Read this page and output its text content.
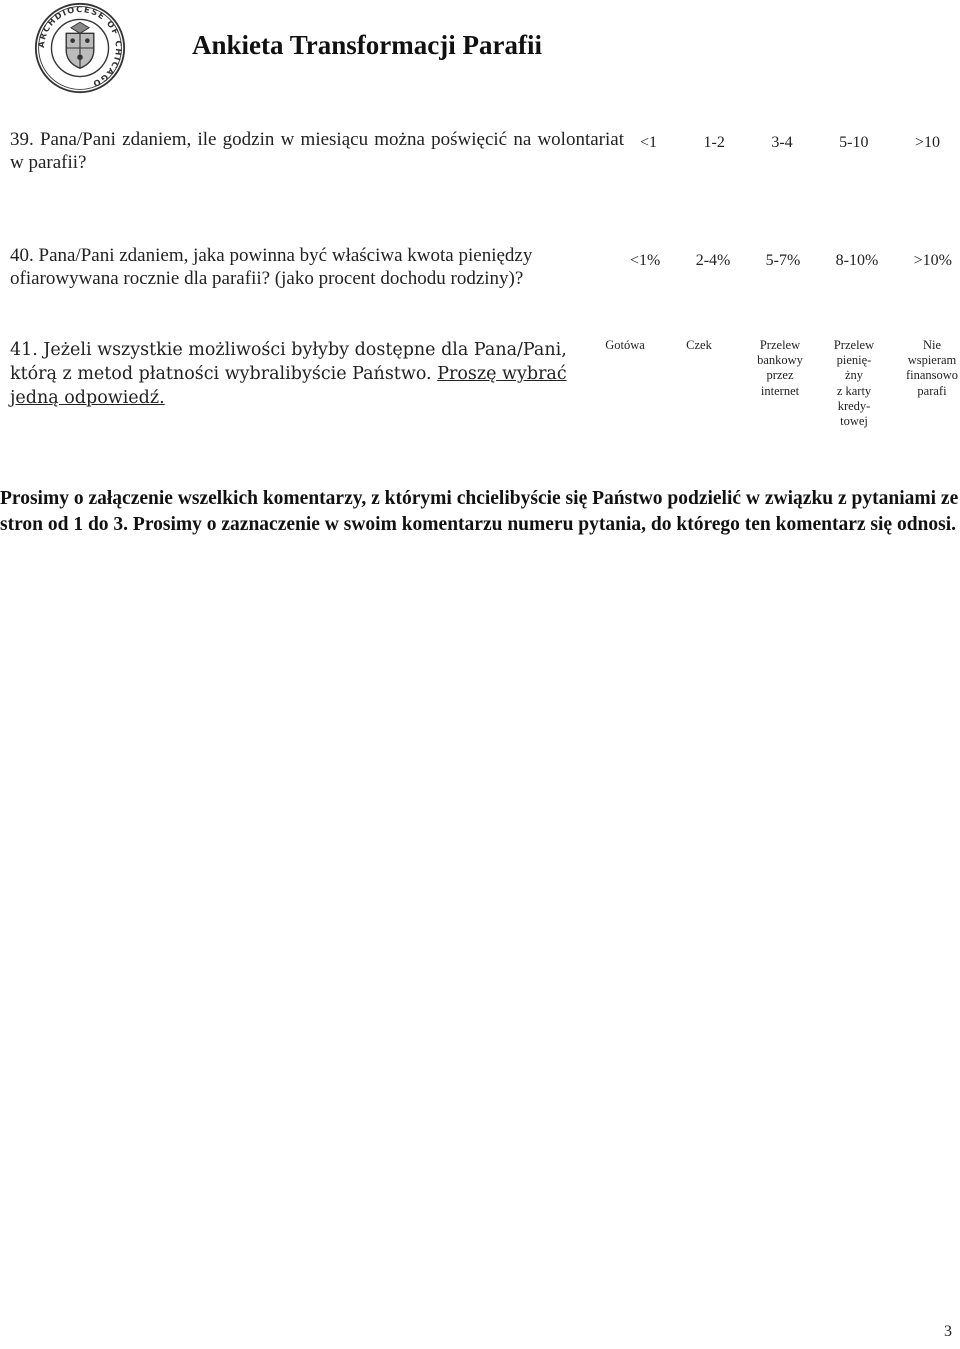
ARCHDIOCESE OF CHICAGO
Ankieta Transformacji Parafii

39. Pana/Pani zdaniem, ile godzin w miesiącu można poświęcić na wolontariat w parafii?

<1	1-2	3-4	5-10	>10

40. Pana/Pani zdaniem, jaka powinna być właściwa kwota pieniędzy ofiarowywana rocznie dla parafii? (jako procent dochodu rodziny)?

<1% 2-4% 5-7% 8-10% >10%

41. Jeżeli wszystkie możliwości byłyby dostępne dla Pana/Pani, którą z metod płatności wybralibyście Państwo. Proszę wybrać jedną odpowiedź.

Gotówa	Czek	Przelew
bankowy
przez
internet
Przelew
pienię-
żny
z karty
kredy-
towej
Nie
wspieram
finansowo
parafi

Prosimy o załączenie wszelkich komentarzy, z którymi chcielibyście się Państwo podzielić w związku z pytaniami ze stron od 1 do 3. Prosimy o zaznaczenie w swoim komentarzu numeru pytania, do którego ten komentarz się odnosi.

3
